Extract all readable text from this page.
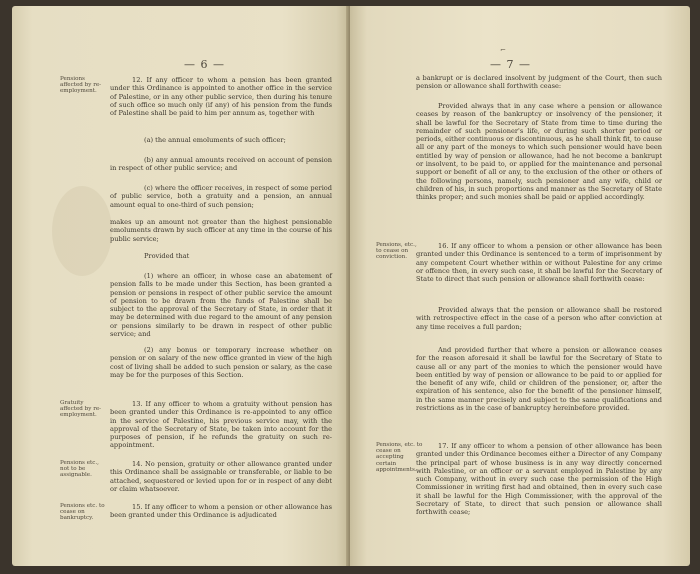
— 6 —
Pensions affected by re-employment.
12. If any officer to whom a pension has been granted under this Ordinance is appointed to another office in the service of Palestine, or in any other public service, then during his tenure of such office so much only (if any) of his pension from the funds of Palestine shall be paid to him per annum as, together with
(a) the annual emoluments of such officer;
(b) any annual amounts received on account of pension in respect of other public service; and
(c) where the officer receives, in respect of some period of public service, both a gratuity and a pension, an annual amount equal to one-third of such pension;
makes up an amount not greater than the highest pensionable emoluments drawn by such officer at any time in the course of his public service;
Provided that
(1) where an officer, in whose case an abatement of pension falls to be made under this Section, has been granted a pension or pensions in respect of other public service the amount of pension to be drawn from the funds of Palestine shall be subject to the approval of the Secretary of State, in order that it may be determined with due regard to the amount of any pension or pensions similarly to be drawn in respect of other public service; and
(2) any bonus or temporary increase whether on pension or on salary of the new office granted in view of the high cost of living shall be added to such pension or salary, as the case may be for the purposes of this Section.
Gratuity affected by re-employment.
13. If any officer to whom a gratuity without pension has been granted under this Ordinance is re-appointed to any office in the service of Palestine, his previous service may, with the approval of the Secretary of State, be taken into account for the purposes of pension, if he refunds the gratuity on such re-appointment.
Pensions etc., not to be assignable.
14. No pension, gratuity or other allowance granted under this Ordinance shall be assignable or transferable, or liable to be attached, sequestered or levied upon for or in respect of any debt or claim whatsoever.
Pensions etc. to cease on bankruptcy.
15. If any officer to whom a pension or other allowance has been granted under this Ordinance is adjudicated
⌐
— 7 —
a bankrupt or is declared insolvent by judgment of the Court, then such pension or allowance shall forthwith cease:
Provided always that in any case where a pension or allowance ceases by reason of the bankruptcy or insolvency of the pensioner, it shall be lawful for the Secretary of State from time to time during the remainder of such pensioner's life, or during such shorter period or periods, either continuous or discontinuous, as he shall think fit, to cause all or any part of the moneys to which such pensioner would have been entitled by way of pension or allowance, had he not become a bankrupt or insolvent, to be paid to, or applied for the maintenance and personal support or benefit of all or any, to the exclusion of the other or others of the following persons, namely, such pensioner and any wife, child or children of his, in such proportions and manner as the Secretary of State thinks proper; and such monies shall be paid or applied accordingly.
Pensions, etc., to cease on conviction.
16. If any officer to whom a pension or other allowance has been granted under this Ordinance is sentenced to a term of imprisonment by any competent Court whether within or without Palestine for any crime or offence then, in every such case, it shall be lawful for the Secretary of State to direct that such pension or allowance shall forthwith cease:
Provided always that the pension or allowance shall be restored with retrospective effect in the case of a person who after conviction at any time receives a full pardon;
And provided further that where a pension or allowance ceases for the reason aforesaid it shall be lawful for the Secretary of State to cause all or any part of the monies to which the pensioner would have been entitled by way of pension or allowance to be paid to or applied for the benefit of any wife, child or children of the pensioner, or, after the expiration of his sentence, also for the benefit of the pensioner himself, in the same manner precisely and subject to the same qualifications and restrictions as in the case of bankruptcy hereinbefore provided.
Pensions, etc. to cease on accepting certain appointments.
17. If any officer to whom a pension of other allowance has been granted under this Ordinance becomes either a Director of any Company the principal part of whose business is in any way directly concerned with Palestine, or an officer or a servant employed in Palestine by any such Company, without in every such case the permission of the High Commissioner in writing first had and obtained, then in every such case it shall be lawful for the High Commissioner, with the approval of the Secretary of State, to direct that such pension or allowance shall forthwith cease;
